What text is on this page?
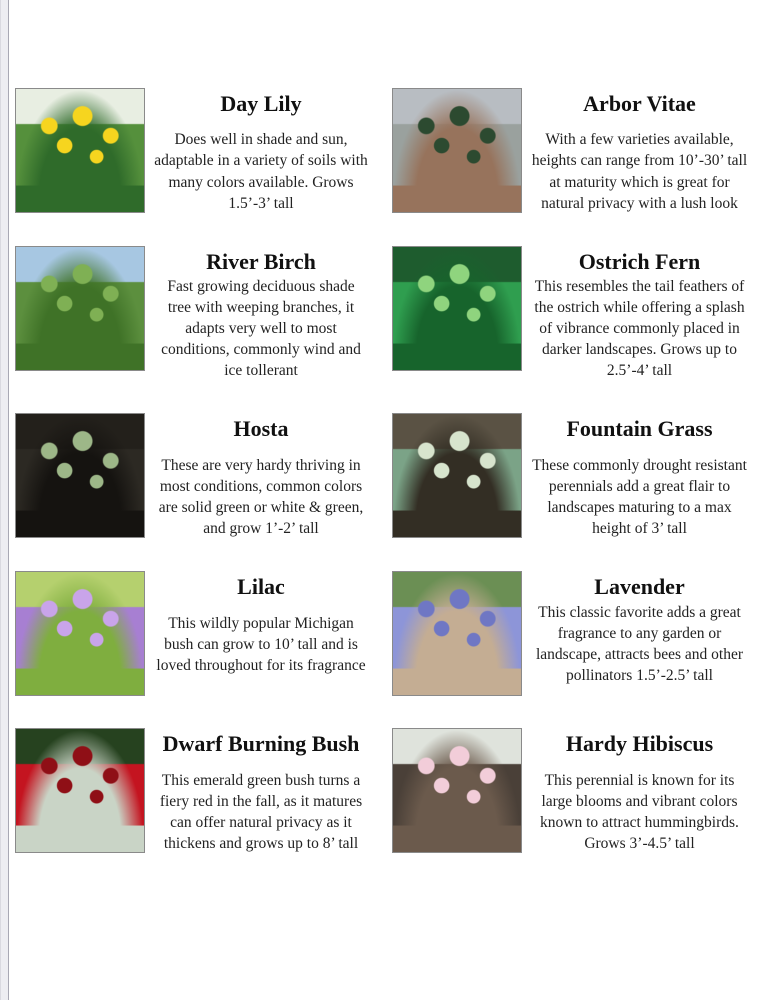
Day Lily

Does well in shade and sun, adaptable in a variety of soils with many colors available. Grows 1.5’-3’ tall

Arbor Vitae

With a few varieties available, heights can range from 10’-30’ tall at maturity which is great for natural privacy with a lush look

River Birch

Fast growing deciduous shade tree with weeping branches, it adapts very well to most conditions, commonly wind and ice tollerant

Ostrich Fern

This resembles the tail feathers of the ostrich while offering a splash of vibrance commonly placed in darker landscapes. Grows up to 2.5’-4’ tall

Hosta

These are very hardy thriving in most conditions, common colors are solid green or white & green, and grow 1’-2’ tall

Fountain Grass

These commonly drought resistant perennials add a great flair to landscapes maturing to a max height of 3’ tall

Lilac

This wildly popular Michigan bush can grow to 10’ tall and is loved throughout for its fragrance

Lavender

This classic favorite adds a great fragrance to any garden or landscape, attracts bees and other pollinators 1.5’-2.5’ tall

Dwarf Burning Bush

This emerald green bush turns a fiery red in the fall, as it matures can offer natural privacy as it thickens and grows up to 8’ tall

Hardy Hibiscus

This perennial is known for its large blooms and vibrant colors known to attract hummingbirds. Grows 3’-4.5’ tall
